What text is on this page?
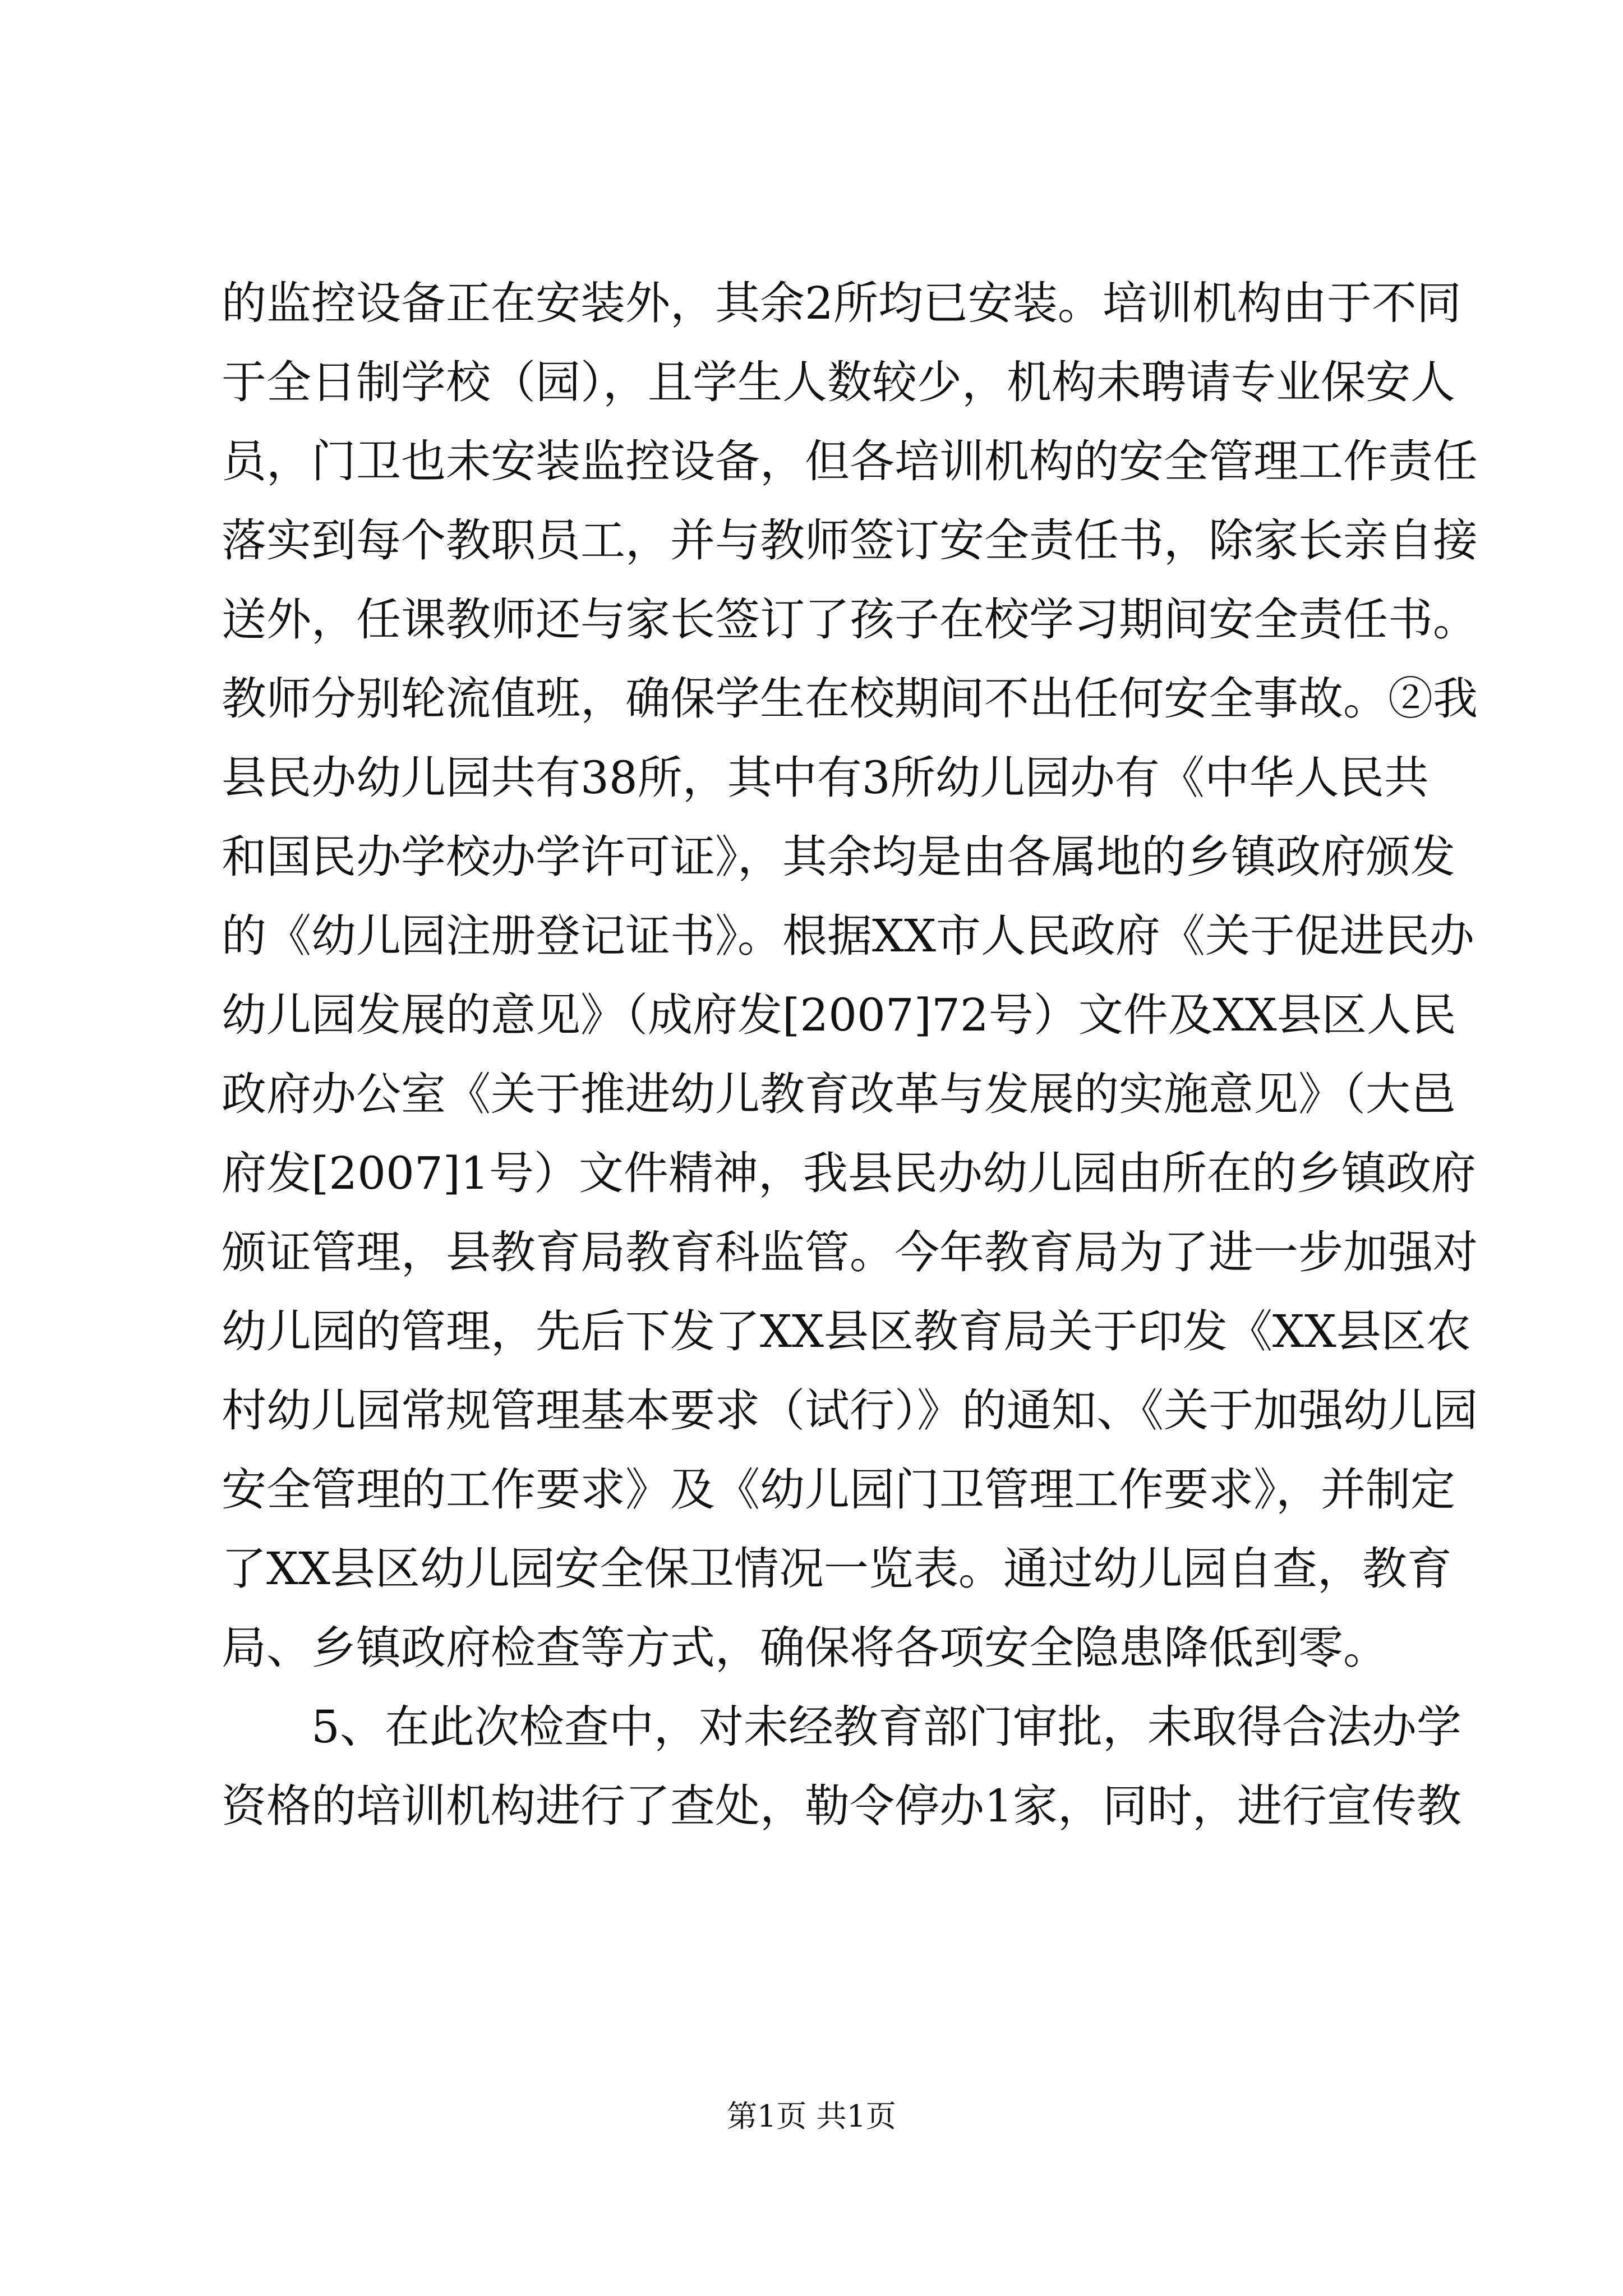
的监控设备正在安装外，其余2所均已安装。培训机构由于不同
于全日制学校（园），且学生人数较少，机构未聘请专业保安人
员，门卫也未安装监控设备，但各培训机构的安全管理工作责任
落实到每个教职员工，并与教师签订安全责任书，除家长亲自接
送外，任课教师还与家长签订了孩子在校学习期间安全责任书。
教师分别轮流值班，确保学生在校期间不出任何安全事故。②我
县民办幼儿园共有38所，其中有3所幼儿园办有《中华人民共
和国民办学校办学许可证》，其余均是由各属地的乡镇政府颁发
的《幼儿园注册登记证书》。根据XX市人民政府《关于促进民办
幼儿园发展的意见》（成府发[2007]72号）文件及XX县区人民
政府办公室《关于推进幼儿教育改革与发展的实施意见》（大邑
府发[2007]1号）文件精神，我县民办幼儿园由所在的乡镇政府
颁证管理，县教育局教育科监管。今年教育局为了进一步加强对
幼儿园的管理，先后下发了XX县区教育局关于印发《XX县区农
村幼儿园常规管理基本要求（试行）》的通知、《关于加强幼儿园
安全管理的工作要求》及《幼儿园门卫管理工作要求》，并制定
了XX县区幼儿园安全保卫情况一览表。通过幼儿园自查，教育
局、乡镇政府检查等方式，确保将各项安全隐患降低到零。
　　5、在此次检查中，对未经教育部门审批，未取得合法办学
资格的培训机构进行了查处，勒令停办1家，同时，进行宣传教
第1页 共1页
